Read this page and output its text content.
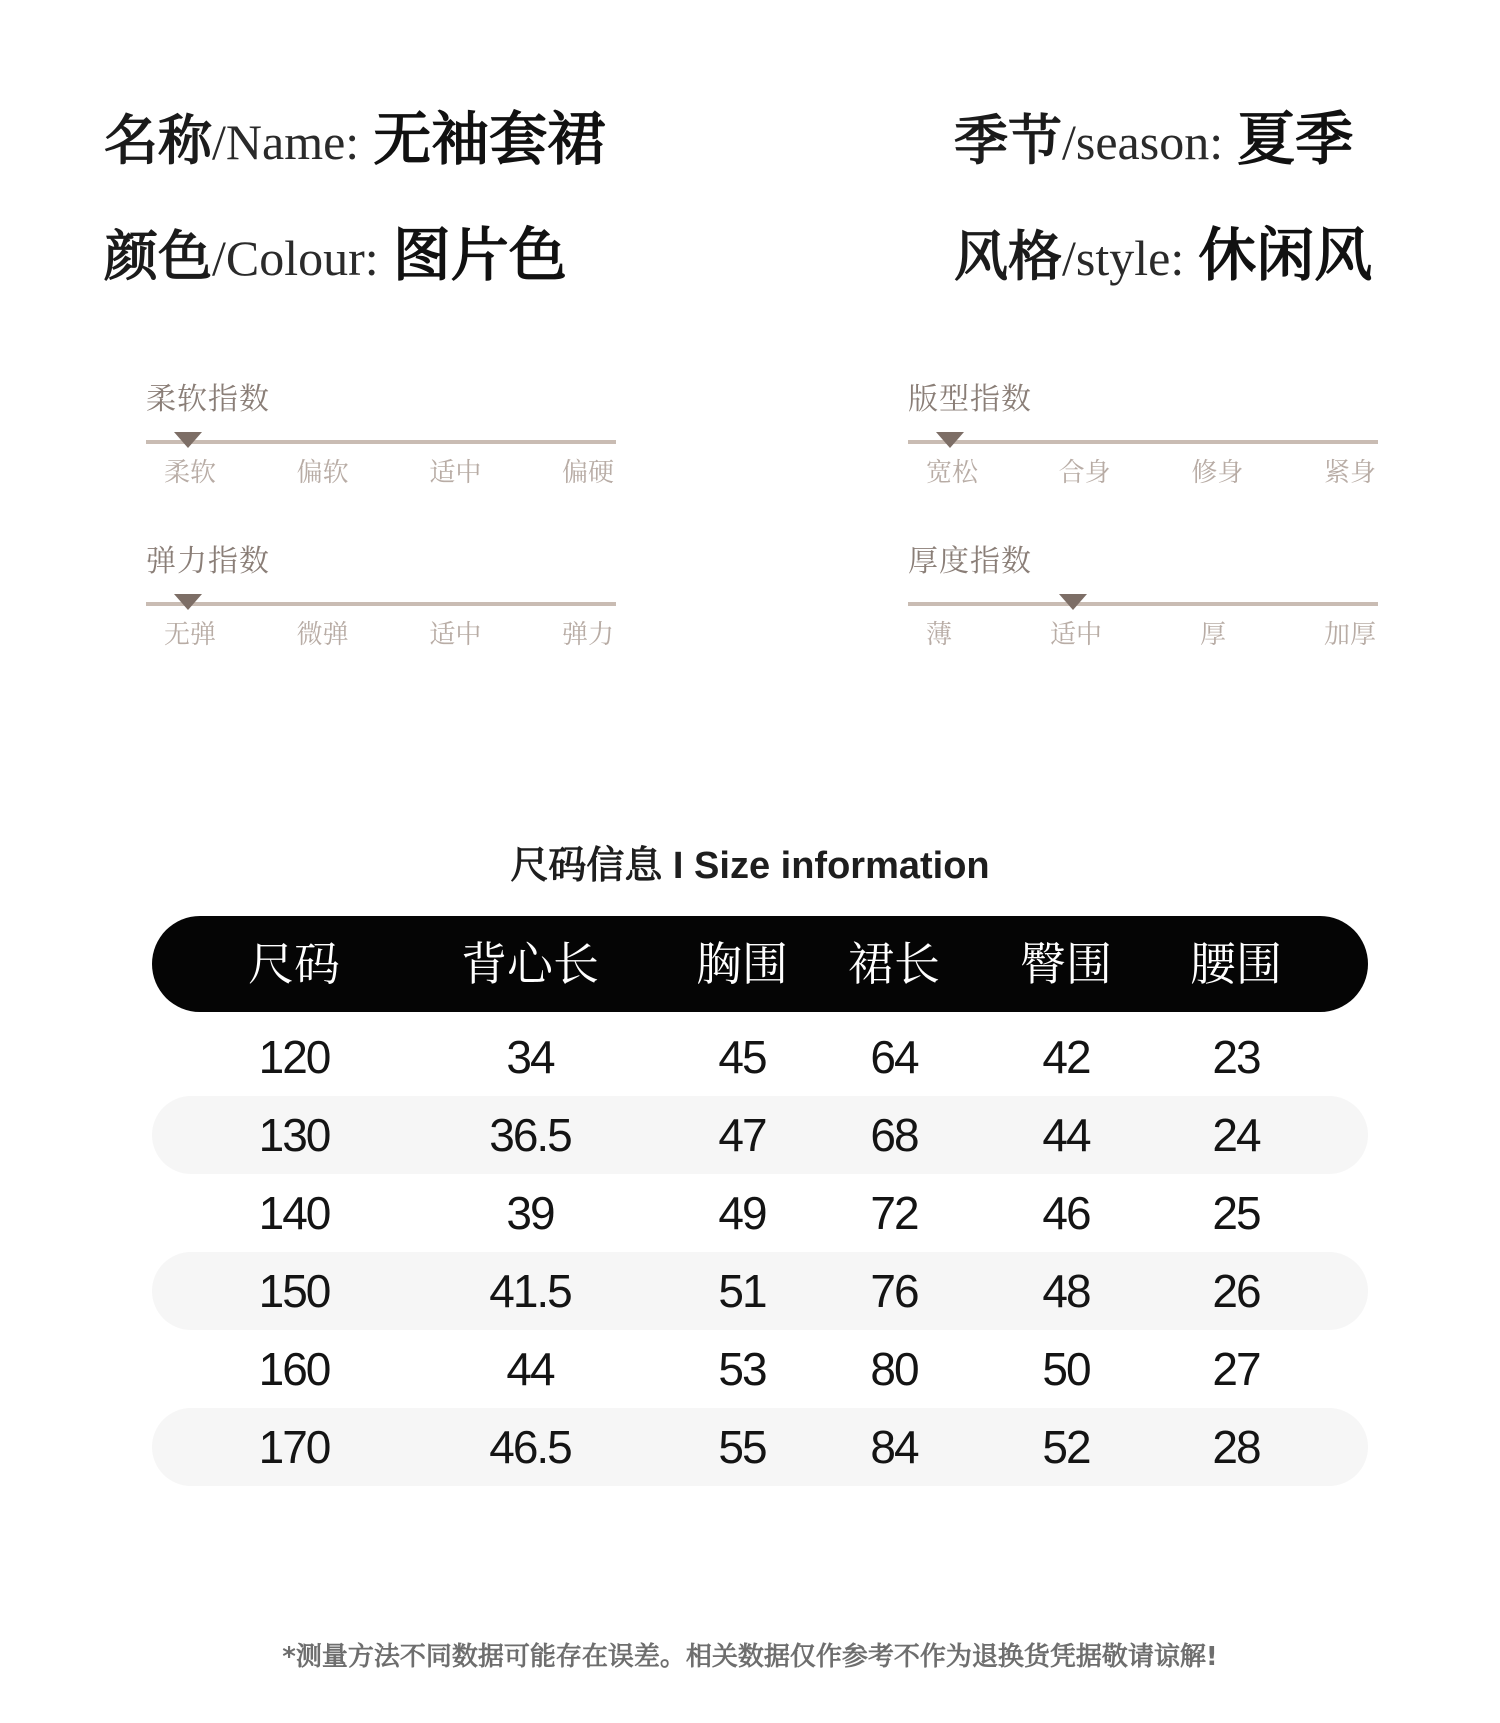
名称 / Name: 无袖套裙	季节 / season: 夏季
颜色 / Colour: 图片色	风格 / style: 休闲风
柔软指数
柔软	偏软	适中	偏硬
版型指数
宽松	合身	修身	紧身
弹力指数
无弹	微弹	适中	弹力
厚度指数
薄	适中	厚	加厚
尺码信息 I Size information
尺码	背心长 胸围 裙长 臀围 腰围
120	34	45 64	42	23
130	36.5	47 68	44	24
140	39	49 72	46	25
150	41.5	51 76	48	26
160	44	53 80	50	27
170	46.5	55 84	52	28
*测量方法不同数据可能存在误差。相关数据仅作参考不作为退换货凭据敬请谅解!
